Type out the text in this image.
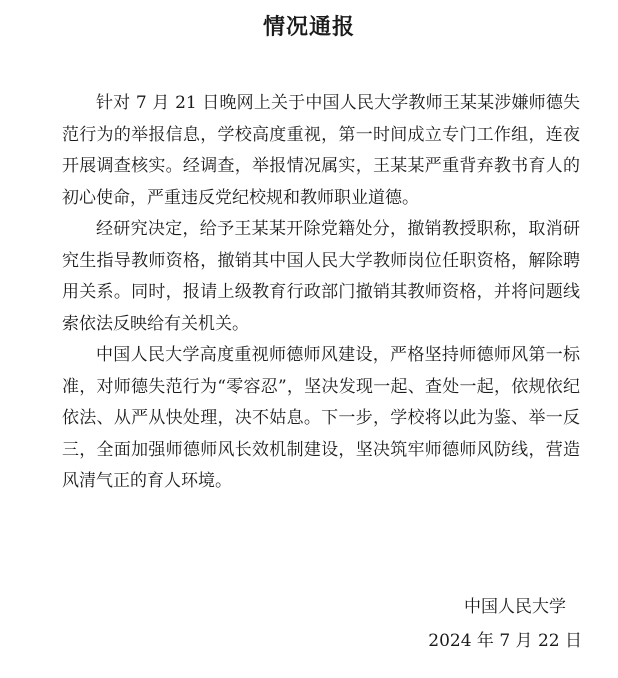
情况通报

针对 7 月 21 日晚网上关于中国人民大学教师王某某涉嫌师德失范行为的举报信息，学校高度重视，第一时间成立专门工作组，连夜开展调查核实。经调查，举报情况属实，王某某严重背弃教书育人的初心使命，严重违反党纪校规和教师职业道德。

经研究决定，给予王某某开除党籍处分，撤销教授职称，取消研究生指导教师资格，撤销其中国人民大学教师岗位任职资格，解除聘用关系。同时，报请上级教育行政部门撤销其教师资格，并将问题线索依法反映给有关机关。

中国人民大学高度重视师德师风建设，严格坚持师德师风第一标准，对师德失范行为“零容忍”，坚决发现一起、查处一起，依规依纪依法、从严从快处理，决不姑息。下一步，学校将以此为鉴、举一反三，全面加强师德师风长效机制建设，坚决筑牢师德师风防线，营造风清气正的育人环境。

中国人民大学
2024 年 7 月 22 日
